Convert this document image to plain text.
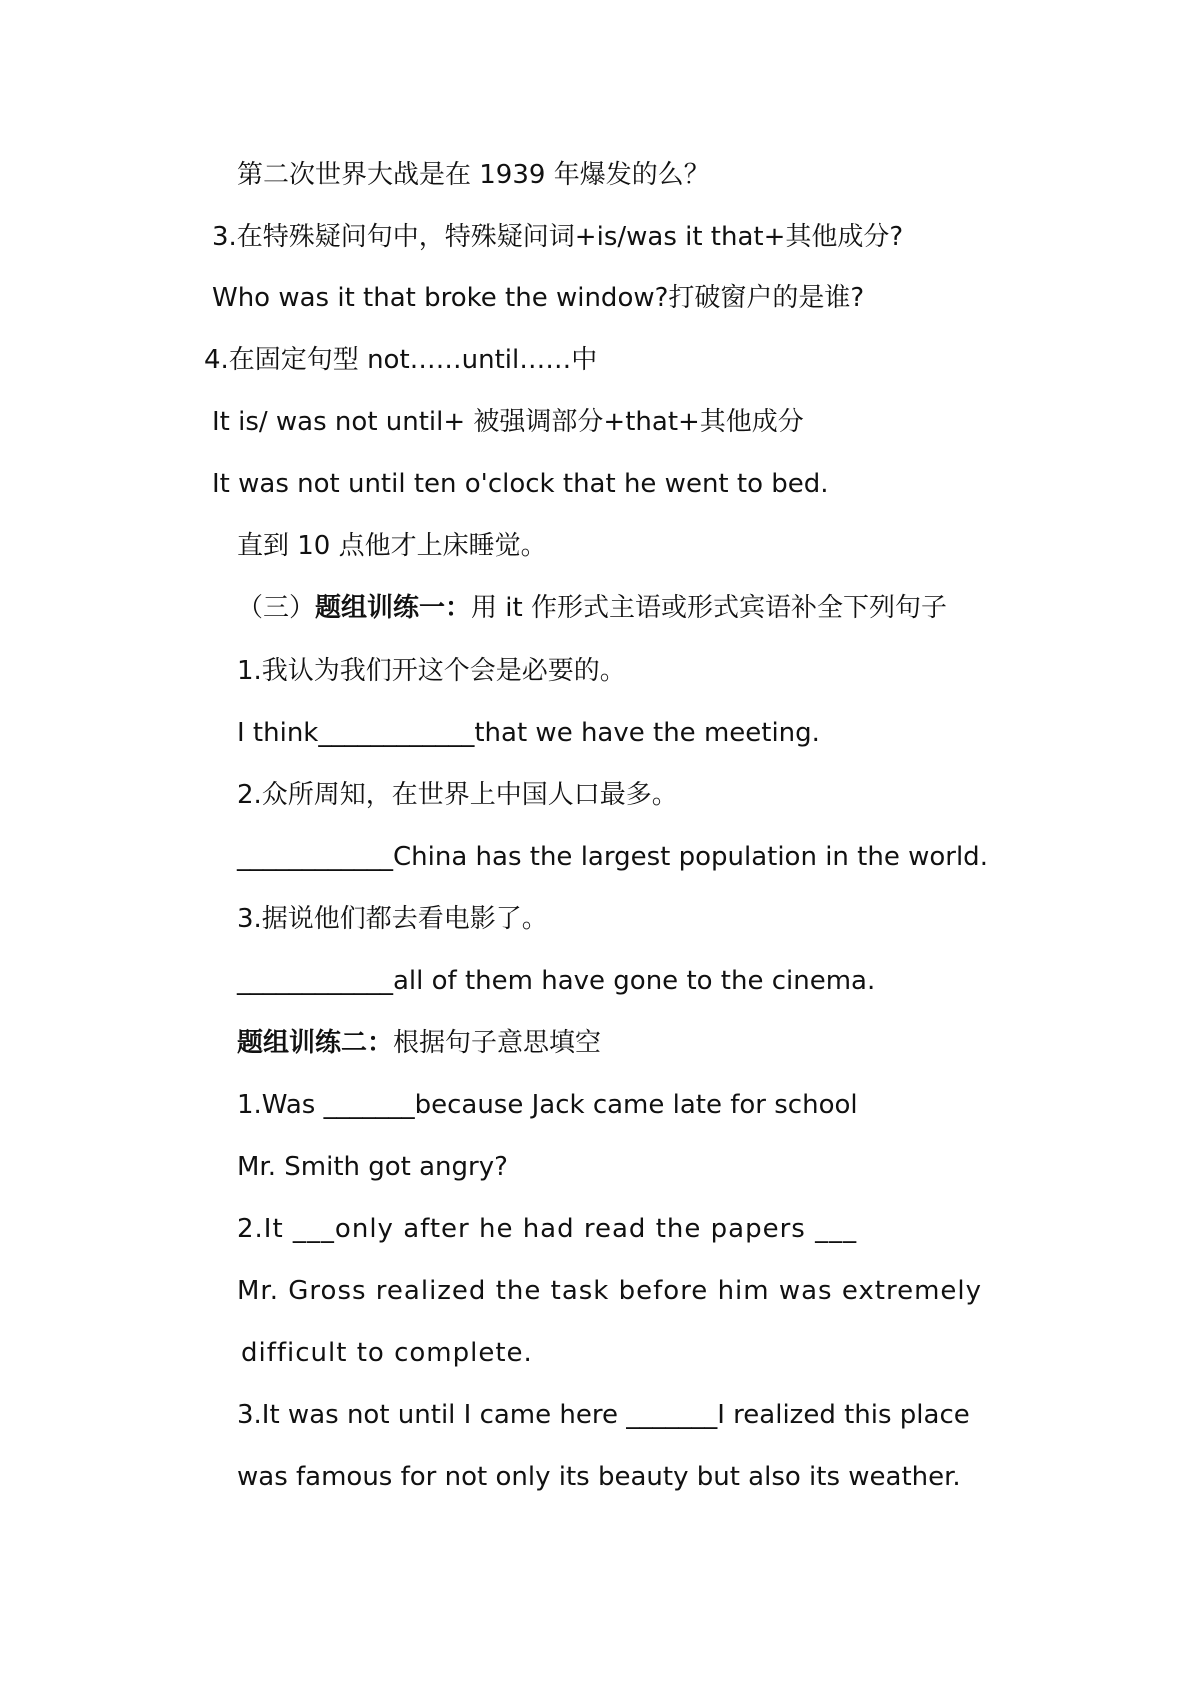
第二次世界大战是在 1939 年爆发的么？
3.在特殊疑问句中，特殊疑问词+is/was it that+其他成分?
Who was it that broke the window?打破窗户的是谁?
4.在固定句型 not……until……中
It is/ was not until+ 被强调部分+that+其他成分
It was not until ten o'clock that he went to bed.
直到 10 点他才上床睡觉。
（三）题组训练一：用 it 作形式主语或形式宾语补全下列句子
1.我认为我们开这个会是必要的。
I think____________that we have the meeting.
2.众所周知，在世界上中国人口最多。
____________China has the largest population in the world.
3.据说他们都去看电影了。
____________all of them have gone to the cinema.
题组训练二：根据句子意思填空
1.Was _______because Jack came late for school
Mr. Smith got angry?
2.It ___only after he had read the papers ___
Mr. Gross realized the task before him was extremely
difficult to complete.
3.It was not until I came here _______I realized this place
was famous for not only its beauty but also its weather.
